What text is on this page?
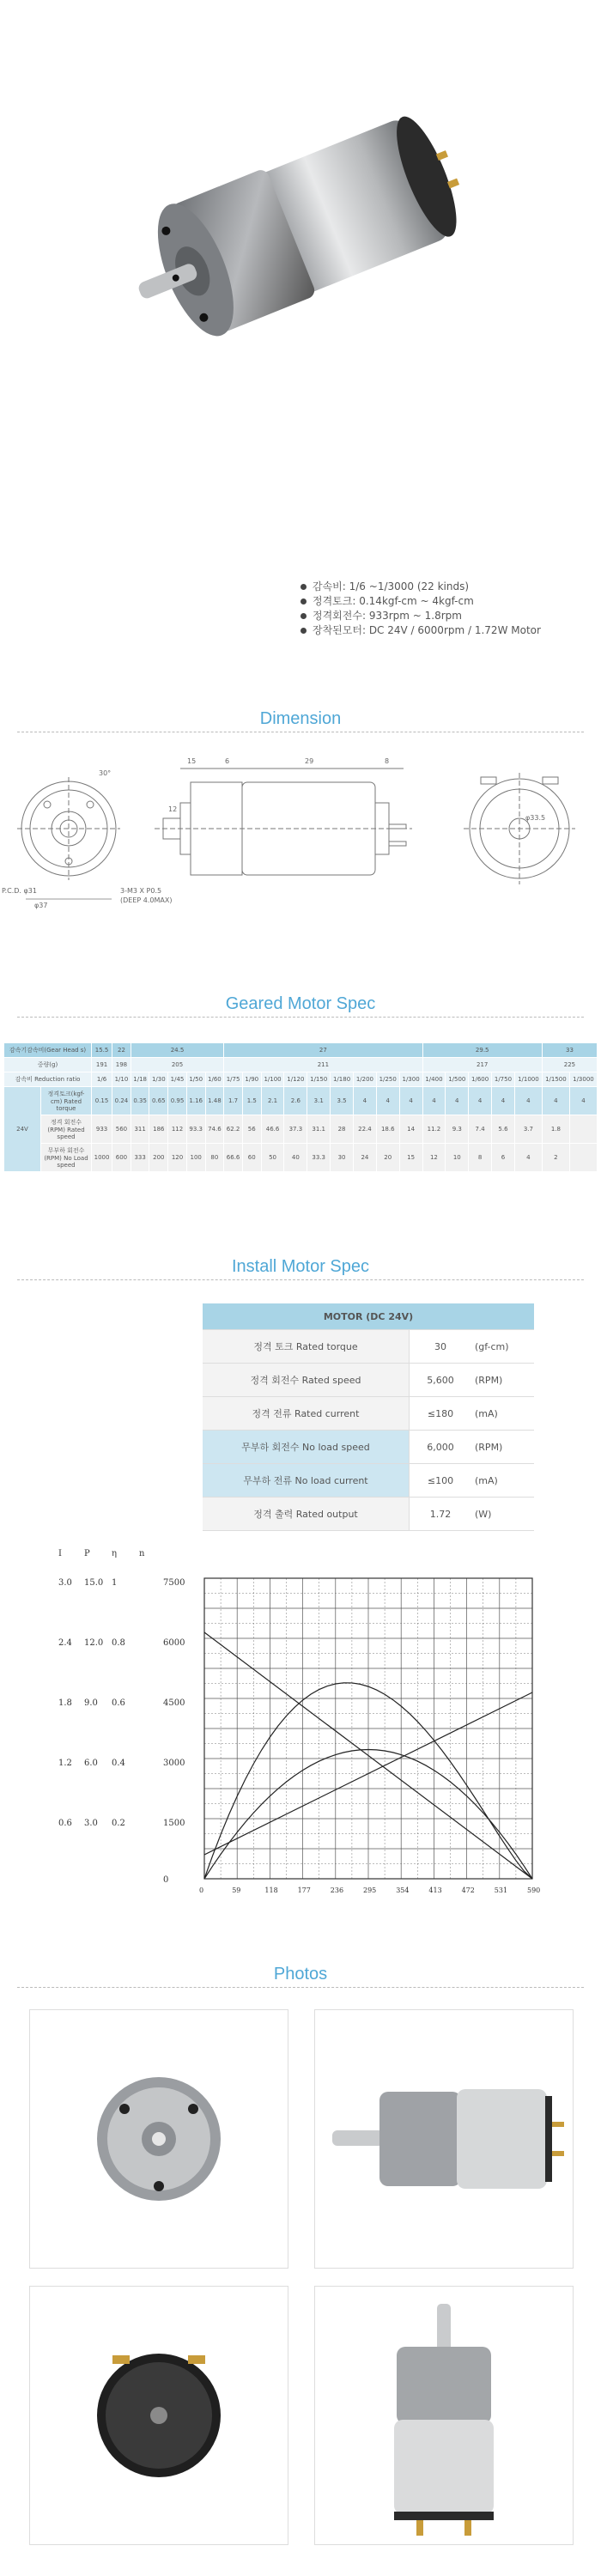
감속비: 1/6 ~1/3000 (22 kinds)
정격토크: 0.14kgf-cm ~ 4kgf-cm
정격회전수: 933rpm ~ 1.8rpm
장착된모터: DC 24V / 6000rpm / 1.72W Motor
Dimension
30°
P.C.D. φ31
φ37
3-M3 X P0.5
(DEEP 4.0MAX)
15	6	29	8
12
φ33.5
Geared Motor Spec
감속기감속비(Gear Head s)		15.5	22	24.5					27									29.5					33	
중량(g)		191	198	205					211									217					225	
감속비 Reduction ratio		1/6	1/10	1/18	1/30	1/45	1/50	1/60	1/75	1/90	1/100	1/120	1/150	1/180	1/200	1/250	1/300	1/400	1/500	1/600	1/750	1/1000	1/1500	1/3000
24V	정격토크(kgf-cm) Rated torque	0.15	0.24	0.35	0.65	0.95	1.16	1.48	1.7	1.5	2.1	2.6	3.1	3.5	4	4	4	4	4	4	4	4	4	4
	정격 회전수 (RPM) Rated speed	933	560	311	186	112	93.3	74.6	62.2	56	46.6	37.3	31.1	28	22.4	18.6	14	11.2	9.3	7.4	5.6	3.7	1.8	
	무부하 회전수 (RPM) No Load speed	1000	600	333	200	120	100	80	66.6	60	50	40	33.3	30	24	20	15	12	10	8	6	4	2	
Install Motor Spec
MOTOR (DC 24V)		
정격 토크 Rated torque	30	(gf-cm)
정격 회전수 Rated speed	5,600	(RPM)
정격 전류 Rated current	≤180	(mA)
무부하 회전수 No load speed	6,000	(RPM)
무부하 전류 No load current	≤100	(mA)
정격 출력 Rated output	1.72	(W)
I	P	η	n
3.0 15.0 1	7500
2.4 12.0 0.8	6000
1.8 9.0 0.6	4500
1.2 6.0 0.4	3000
0.6 3.0 0.2	1500
0
0	59	118	177	236	295	354	413	472	531	590
Photos
